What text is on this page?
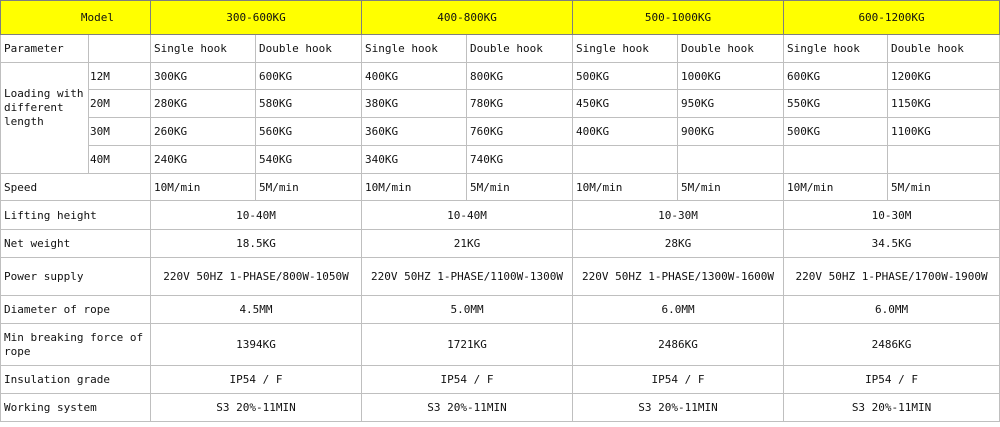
Model		300-600KG		400-800KG		500-1000KG		600-1200KG	
Parameter		Single hook	Double hook	Single hook	Double hook	Single hook	Double hook	Single hook	Double hook
Loading with different length	12M	300KG	600KG	400KG	800KG	500KG	1000KG	600KG	1200KG
	20M	280KG	580KG	380KG	780KG	450KG	950KG	550KG	1150KG
	30M	260KG	560KG	360KG	760KG	400KG	900KG	500KG	1100KG
	40M	240KG	540KG	340KG	740KG				
Speed		10M/min	5M/min	10M/min	5M/min	10M/min	5M/min	10M/min	5M/min
Lifting height		10-40M		10-40M		10-30M		10-30M	
Net weight		18.5KG		21KG		28KG		34.5KG	
Power supply		220V 50HZ 1-PHASE/800W-1050W		220V 50HZ 1-PHASE/1100W-1300W		220V 50HZ 1-PHASE/1300W-1600W		220V 50HZ 1-PHASE/1700W-1900W	
Diameter of rope		4.5MM		5.0MM		6.0MM		6.0MM	
Min breaking force of rope		1394KG		1721KG		2486KG		2486KG	
Insulation grade		IP54 / F		IP54 / F		IP54 / F		IP54 / F	
Working system		S3 20%-11MIN		S3 20%-11MIN		S3 20%-11MIN		S3 20%-11MIN	
